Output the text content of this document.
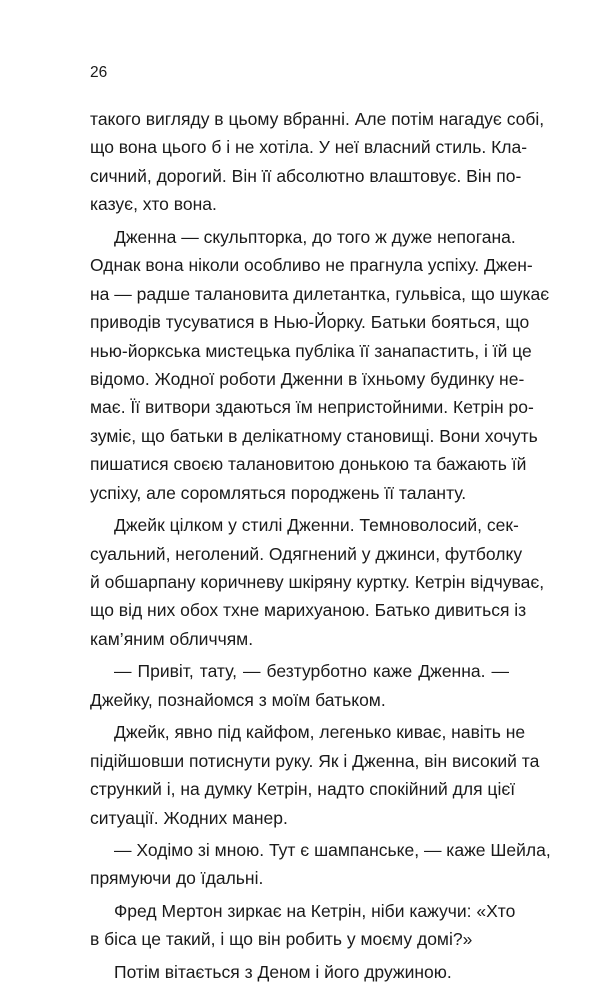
26
такого вигляду в цьому вбранні. Але потім нагадує собі,
що вона цього б і не хотіла. У неї власний стиль. Кла-
сичний, дорогий. Він її абсолютно влаштовує. Він по-
казує, хто вона.
Дженна — скульпторка, до того ж дуже непогана.
Однак вона ніколи особливо не прагнула успіху. Джен-
на — радше талановита дилетантка, гульвіса, що шукає
приводів тусуватися в Нью-Йорку. Батьки бояться, що
нью-йоркська мистецька публіка її занапастить, і їй це
відомо. Жодної роботи Дженни в їхньому будинку не-
має. Її витвори здаються їм непристойними. Кетрін ро-
зуміє, що батьки в делікатному становищі. Вони хочуть
пишатися своєю талановитою донькою та бажають їй
успіху, але соромляться породжень її таланту.
Джейк цілком у стилі Дженни. Темноволосий, сек-
суальний, неголений. Одягнений у джинси, футболку
й обшарпану коричневу шкіряну куртку. Кетрін відчуває,
що від них обох тхне марихуаною. Батько дивиться із
кам’яним обличчям.
— Привіт, тату, — безтурботно каже Дженна. —
Джейку, познайомся з моїм батьком.
Джейк, явно під кайфом, легенько киває, навіть не
підійшовши потиснути руку. Як і Дженна, він високий та
стрункий і, на думку Кетрін, надто спокійний для цієї
ситуації. Жодних манер.
— Ходімо зі мною. Тут є шампанське, — каже Шейла,
прямуючи до їдальні.
Фред Мертон зиркає на Кетрін, ніби кажучи: «Хто
в біса це такий, і що він робить у моєму домі?»
Потім вітається з Деном і його дружиною.
